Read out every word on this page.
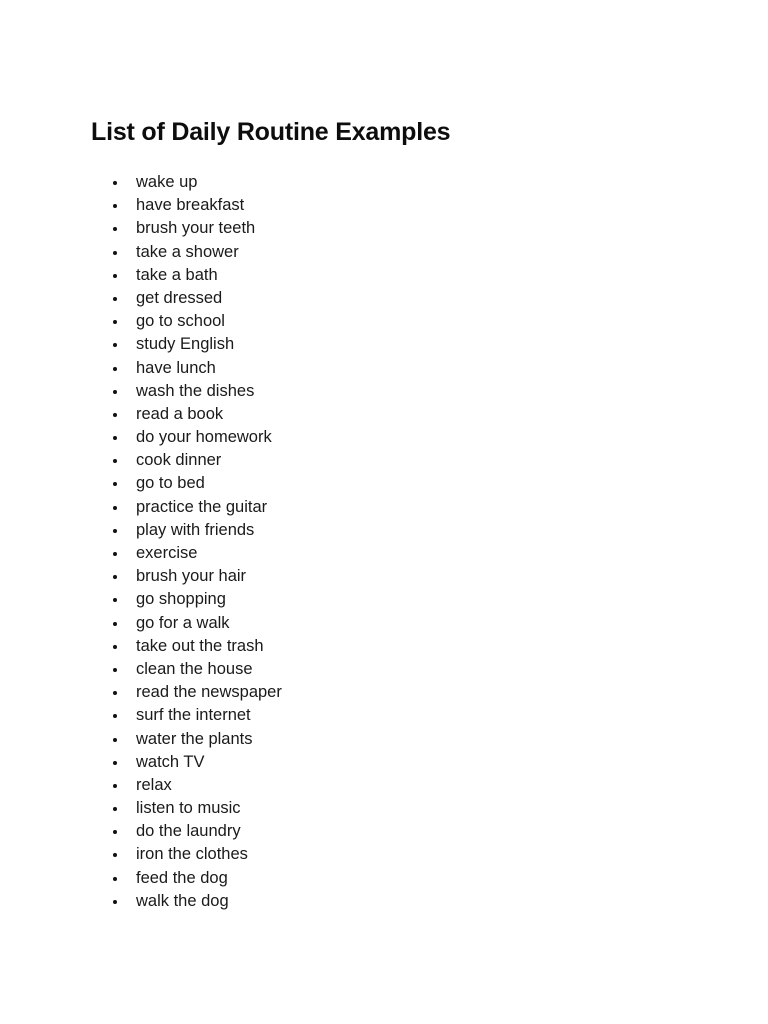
List of Daily Routine Examples
wake up
have breakfast
brush your teeth
take a shower
take a bath
get dressed
go to school
study English
have lunch
wash the dishes
read a book
do your homework
cook dinner
go to bed
practice the guitar
play with friends
exercise
brush your hair
go shopping
go for a walk
take out the trash
clean the house
read the newspaper
surf the internet
water the plants
watch TV
relax
listen to music
do the laundry
iron the clothes
feed the dog
walk the dog
